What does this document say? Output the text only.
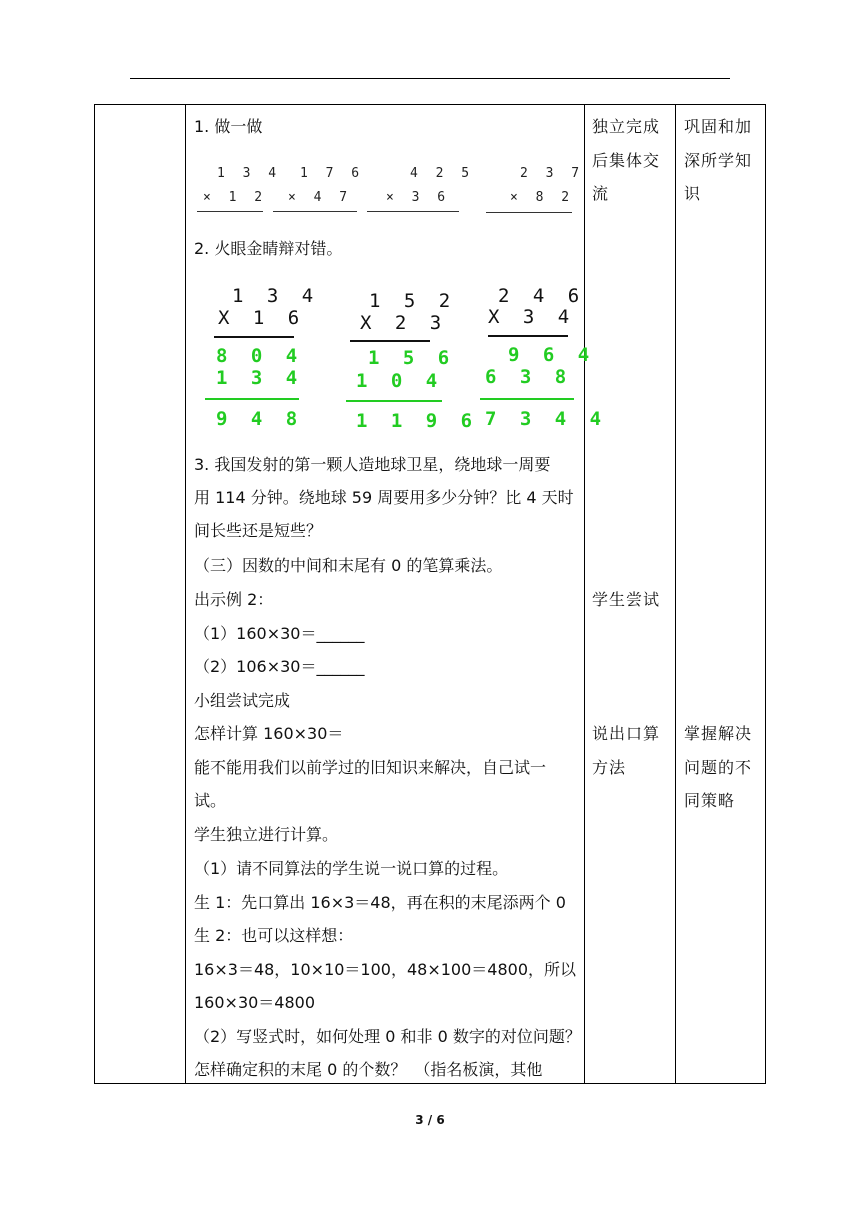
1. 做一做
1 3 4
× 1 2
1 7 6
× 4 7
4 2 5
× 3 6
2 3 7
× 8 2
2. 火眼金睛辩对错。
1 3 4
X 1 6
8 0 4
1 3 4
9 4 8
1 5 2
X 2 3
1 5 6
1 0 4
1 1 9 6
2 4 6
X 3 4
9 6 4
6 3 8
7 3 4 4
3. 我国发射的第一颗人造地球卫星，绕地球一周要
用 114 分钟。绕地球 59 周要用多少分钟？比 4 天时
间长些还是短些？
（三）因数的中间和末尾有 0 的笔算乘法。
出示例 2：
（1）160×30＝______
（2）106×30＝______
小组尝试完成
怎样计算 160×30＝
能不能用我们以前学过的旧知识来解决，自己试一
试。
学生独立进行计算。
（1）请不同算法的学生说一说口算的过程。
生 1：先口算出 16×3＝48，再在积的末尾添两个 0
生 2：也可以这样想：
16×3＝48，10×10＝100，48×100＝4800，所以
160×30＝4800
（2）写竖式时，如何处理 0 和非 0 数字的对位问题？
怎样确定积的末尾 0 的个数？　（指名板演，其他
独立完成
后集体交
流
学生尝试
说出口算
方法
巩固和加
深所学知
识
掌握解决
问题的不
同策略
3 / 6
